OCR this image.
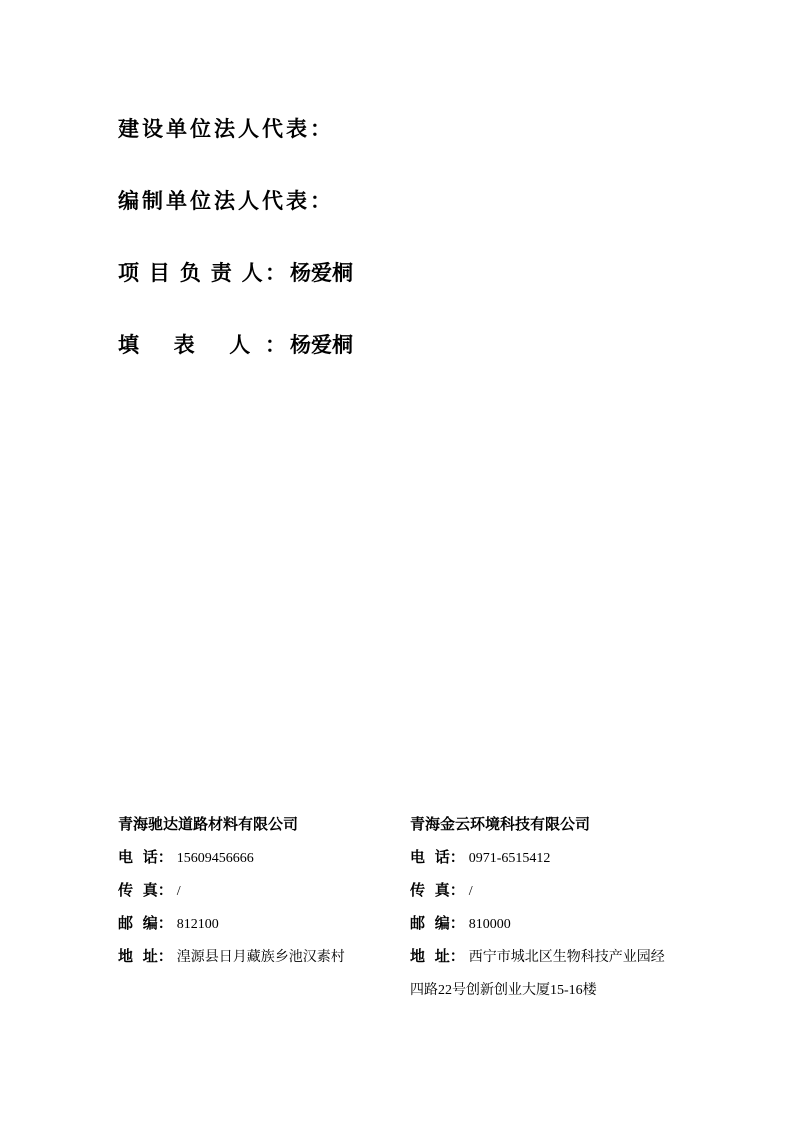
建设单位法人代表：
编制单位法人代表：
项 目 负 责 人： 杨爱桐
填 表 人： 杨爱桐
青海驰达道路材料有限公司

电 话： 15609456666

传 真： /

邮 编： 812100

地 址： 湟源县日月藏族乡池汉素村

青海金云环境科技有限公司

电 话： 0971-6515412

传 真： /

邮 编： 810000

地 址： 西宁市城北区生物科技产业园经

四路22号创新创业大厦15-16楼
